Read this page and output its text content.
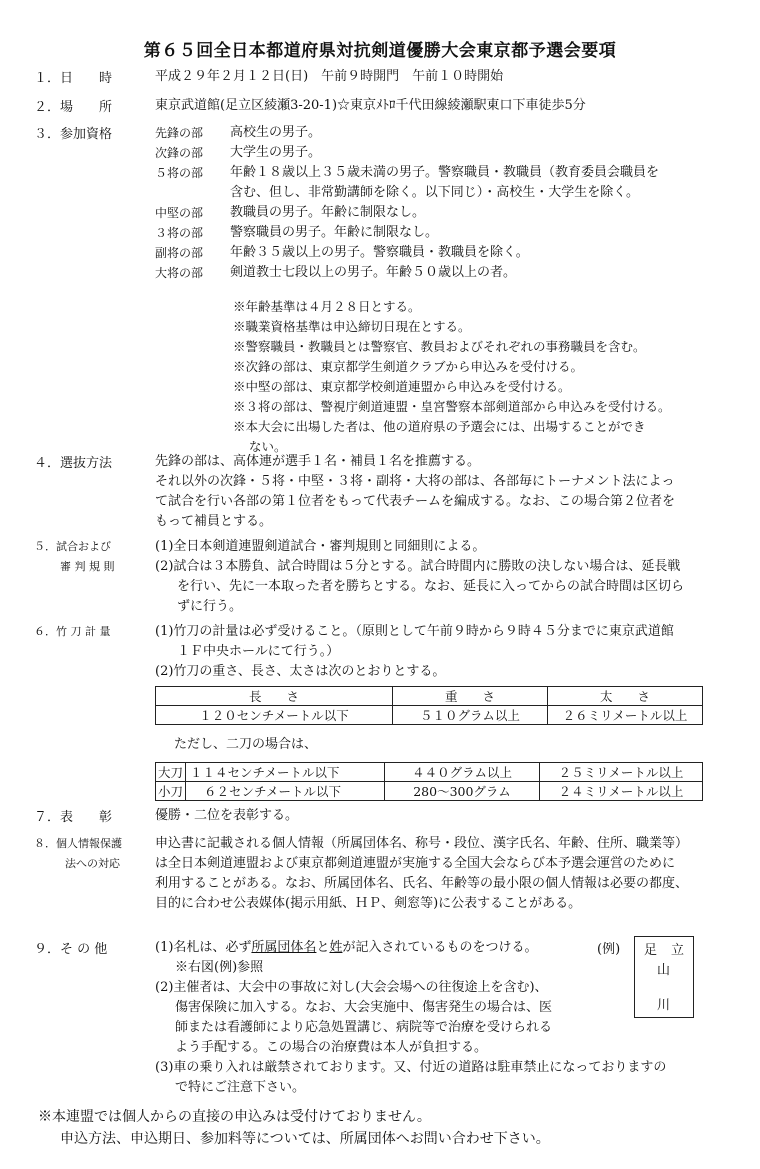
第６５回全日本都道府県対抗剣道優勝大会東京都予選会要項
１．日　　時	平成２９年２月１２日(日)　午前９時開門　午前１０時開始
２．場　　所	東京武道館(足立区綾瀬3-20-1)☆東京ﾒﾄﾛ千代田線綾瀬駅東口下車徒歩5分
３．参加資格	先鋒の部	高校生の男子。
次鋒の部	大学生の男子。
５将の部	年齢１８歳以上３５歳未満の男子。警察職員・教職員（教育委員会職員を
含む、但し、非常勤講師を除く。以下同じ）・高校生・大学生を除く。
中堅の部	教職員の男子。年齢に制限なし。
３将の部	警察職員の男子。年齢に制限なし。
副将の部	年齢３５歳以上の男子。警察職員・教職員を除く。
大将の部	剣道教士七段以上の男子。年齢５０歳以上の者。
※年齢基準は４月２８日とする。
※職業資格基準は申込締切日現在とする。
※警察職員・教職員とは警察官、教員およびそれぞれの事務職員を含む。
※次鋒の部は、東京都学生剣道クラブから申込みを受付ける。
※中堅の部は、東京都学校剣道連盟から申込みを受付ける。
※３将の部は、警視庁剣道連盟・皇宮警察本部剣道部から申込みを受付ける。
※本大会に出場した者は、他の道府県の予選会には、出場することができ
ない。
４．選抜方法	先鋒の部は、高体連が選手１名・補員１名を推薦する。
それ以外の次鋒・５将・中堅・３将・副将・大将の部は、各部毎にトーナメント法によっ
て試合を行い各部の第１位者をもって代表チームを編成する。なお、この場合第２位者を
もって補員とする。
５．試合および
審 判 規 則
(1)全日本剣道連盟剣道試合・審判規則と同細則による。
(2)試合は３本勝負、試合時間は５分とする。試合時間内に勝敗の決しない場合は、延長戦
を行い、先に一本取った者を勝ちとする。なお、延長に入ってからの試合時間は区切ら
ずに行う。
６．竹 刀 計 量	(1)竹刀の計量は必ず受けること。（原則として午前９時から９時４５分までに東京武道館
１Ｆ中央ホールにて行う。）
(2)竹刀の重さ、長さ、太さは次のとおりとする。
長　　さ	重　　さ	太　　さ
１２０センチメートル以下	５１０グラム以上	２６ミリメートル以上
ただし、二刀の場合は、
大刀	１１４センチメートル以下	４４０グラム以上	２５ミリメートル以上
小刀	６２センチメートル以下	280～300グラム	２４ミリメートル以上
７．表　　彰	優勝・二位を表彰する。
８．個人情報保護
法への対応
申込書に記載される個人情報（所属団体名、称号・段位、漢字氏名、年齢、住所、職業等）
は全日本剣道連盟および東京都剣道連盟が実施する全国大会ならび本予選会運営のために
利用することがある。なお、所属団体名、氏名、年齢等の最小限の個人情報は必要の都度、
目的に合わせ公表媒体(掲示用紙、ＨＰ、剣窓等)に公表することがある。
９．そ の 他	(1)名札は、必ず所属団体名と姓が記入されているものをつける。
※右図(例)参照
(2)主催者は、大会中の事故に対し(大会会場への往復途上を含む)、
傷害保険に加入する。なお、大会実施中、傷害発生の場合は、医
師または看護師により応急処置講じ、病院等で治療を受けられる
よう手配する。この場合の治療費は本人が負担する。
(3)車の乗り入れは厳禁されております。又、付近の道路は駐車禁止になっておりますの
で特にご注意下さい。
(例) 足 立
山
川
※本連盟では個人からの直接の申込みは受付けておりません。
申込方法、申込期日、参加料等については、所属団体へお問い合わせ下さい。
